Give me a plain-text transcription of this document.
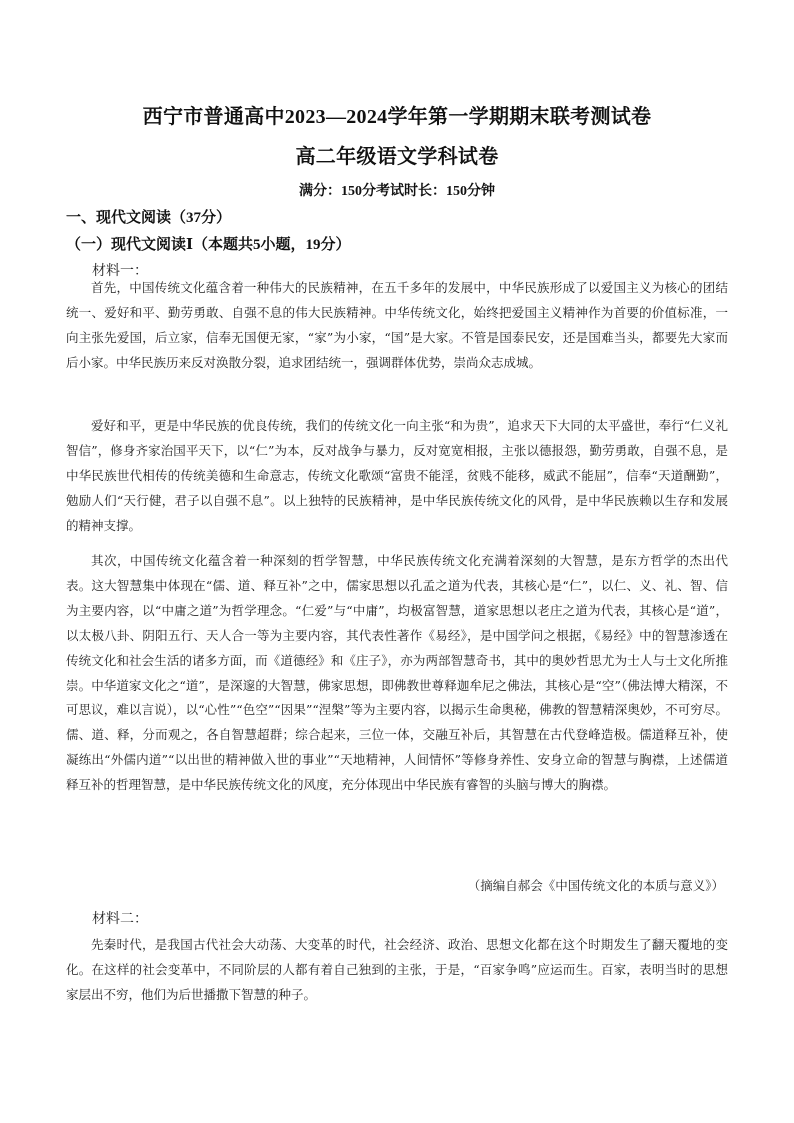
西宁市普通高中2023—2024学年第一学期期末联考测试卷
高二年级语文学科试卷
满分：150分考试时长：150分钟
一、现代文阅读（37分）
（一）现代文阅读Ⅰ（本题共5小题，19分）
材料一：
首先，中国传统文化蕴含着一种伟大的民族精神，在五千多年的发展中，中华民族形成了以爱国主义为核心的团结统一、爱好和平、勤劳勇敢、自强不息的伟大民族精神。中华传统文化，始终把爱国主义精神作为首要的价值标准，一向主张先爱国，后立家，信奉无国便无家，“家”为小家，“国”是大家。不管是国泰民安，还是国难当头，都要先大家而后小家。中华民族历来反对涣散分裂，追求团结统一，强调群体优势，崇尚众志成城。
爱好和平，更是中华民族的优良传统，我们的传统文化一向主张“和为贵”，追求天下大同的太平盛世，奉行“仁义礼智信”，修身齐家治国平天下，以“仁”为本，反对战争与暴力，反对宽宽相报，主张以德报怨，勤劳勇敢，自强不息，是中华民族世代相传的传统美德和生命意志，传统文化歌颂“富贵不能淫，贫贱不能移，威武不能屈”，信奉“天道酬勤”，勉励人们“天行健，君子以自强不息”。以上独特的民族精神，是中华民族传统文化的风骨，是中华民族赖以生存和发展的精神支撑。
其次，中国传统文化蕴含着一种深刻的哲学智慧，中华民族传统文化充满着深刻的大智慧，是东方哲学的杰出代表。这大智慧集中体现在“儒、道、释互补”之中，儒家思想以孔孟之道为代表，其核心是“仁”，以仁、义、礼、智、信为主要内容，以“中庸之道”为哲学理念。“仁爱”与“中庸”，均极富智慧，道家思想以老庄之道为代表，其核心是“道”，以太极八卦、阴阳五行、天人合一等为主要内容，其代表性著作《易经》，是中国学问之根据，《易经》中的智慧渗透在传统文化和社会生活的诸多方面，而《道德经》和《庄子》，亦为两部智慧奇书，其中的奥妙哲思尤为士人与士文化所推崇。中华道家文化之“道”，是深邃的大智慧，佛家思想，即佛教世尊释迦牟尼之佛法，其核心是“空”（佛法博大精深，不可思议，难以言说），以“心性”“色空”“因果”“涅槃”等为主要内容，以揭示生命奥秘，佛教的智慧精深奥妙，不可穷尽。儒、道、释，分而观之，各自智慧超群；综合起来，三位一体，交融互补后，其智慧在古代登峰造极。儒道释互补，使凝练出“外儒内道”“以出世的精神做入世的事业”“天地精神，人间情怀”等修身养性、安身立命的智慧与胸襟，上述儒道释互补的哲理智慧，是中华民族传统文化的风度，充分体现出中华民族有睿智的头脑与博大的胸襟。
（摘编自郝会《中国传统文化的本质与意义》）
材料二：
先秦时代，是我国古代社会大动荡、大变革的时代，社会经济、政治、思想文化都在这个时期发生了翻天覆地的变化。在这样的社会变革中，不同阶层的人都有着自己独到的主张，于是，“百家争鸣”应运而生。百家，表明当时的思想家层出不穷，他们为后世播撒下智慧的种子。
